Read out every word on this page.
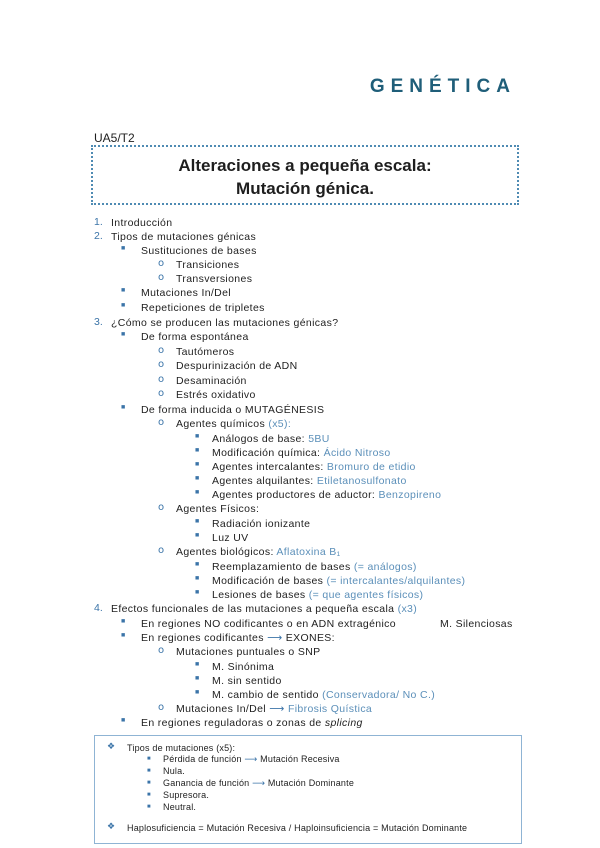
GENÉTICA
UA5/T2
Alteraciones a pequeña escala:
Mutación génica.
1. Introducción
2. Tipos de mutaciones génicas
■ Sustituciones de bases
o Transiciones
o Transversiones
■ Mutaciones In/Del
■ Repeticiones de tripletes
3. ¿Cómo se producen las mutaciones génicas?
■ De forma espontánea
o Tautómeros
o Despurinización de ADN
o Desaminación
o Estrés oxidativo
■ De forma inducida o MUTAGÉNESIS
o Agentes químicos (x5):
■ Análogos de base: 5BU
■ Modificación química: Ácido Nitroso
■ Agentes intercalantes: Bromuro de etidio
■ Agentes alquilantes: Etiletanosulfonato
■ Agentes productores de aductor: Benzopireno
o Agentes Físicos:
■ Radiación ionizante
■ Luz UV
o Agentes biológicos: Aflatoxina B₁
■ Reemplazamiento de bases (= análogos)
■ Modificación de bases (= intercalantes/alquilantes)
■ Lesiones de bases (= que agentes físicos)
4. Efectos funcionales de las mutaciones a pequeña escala (x3)
■ En regiones NO codificantes o en ADN extragénico	M. Silenciosas
■ En regiones codificantes ⟶ EXONES:
o Mutaciones puntuales o SNP
■ M. Sinónima
■ M. sin sentido
■ M. cambio de sentido (Conservadora/ No C.)
o Mutaciones In/Del ⟶ Fibrosis Quística
■ En regiones reguladoras o zonas de splicing
❖ Tipos de mutaciones (x5):
■ Pérdida de función ⟶ Mutación Recesiva
■ Nula.
■ Ganancia de función ⟶ Mutación Dominante
■ Supresora.
■ Neutral.
❖ Haplosuficiencia = Mutación Recesiva / Haploinsuficiencia = Mutación Dominante
